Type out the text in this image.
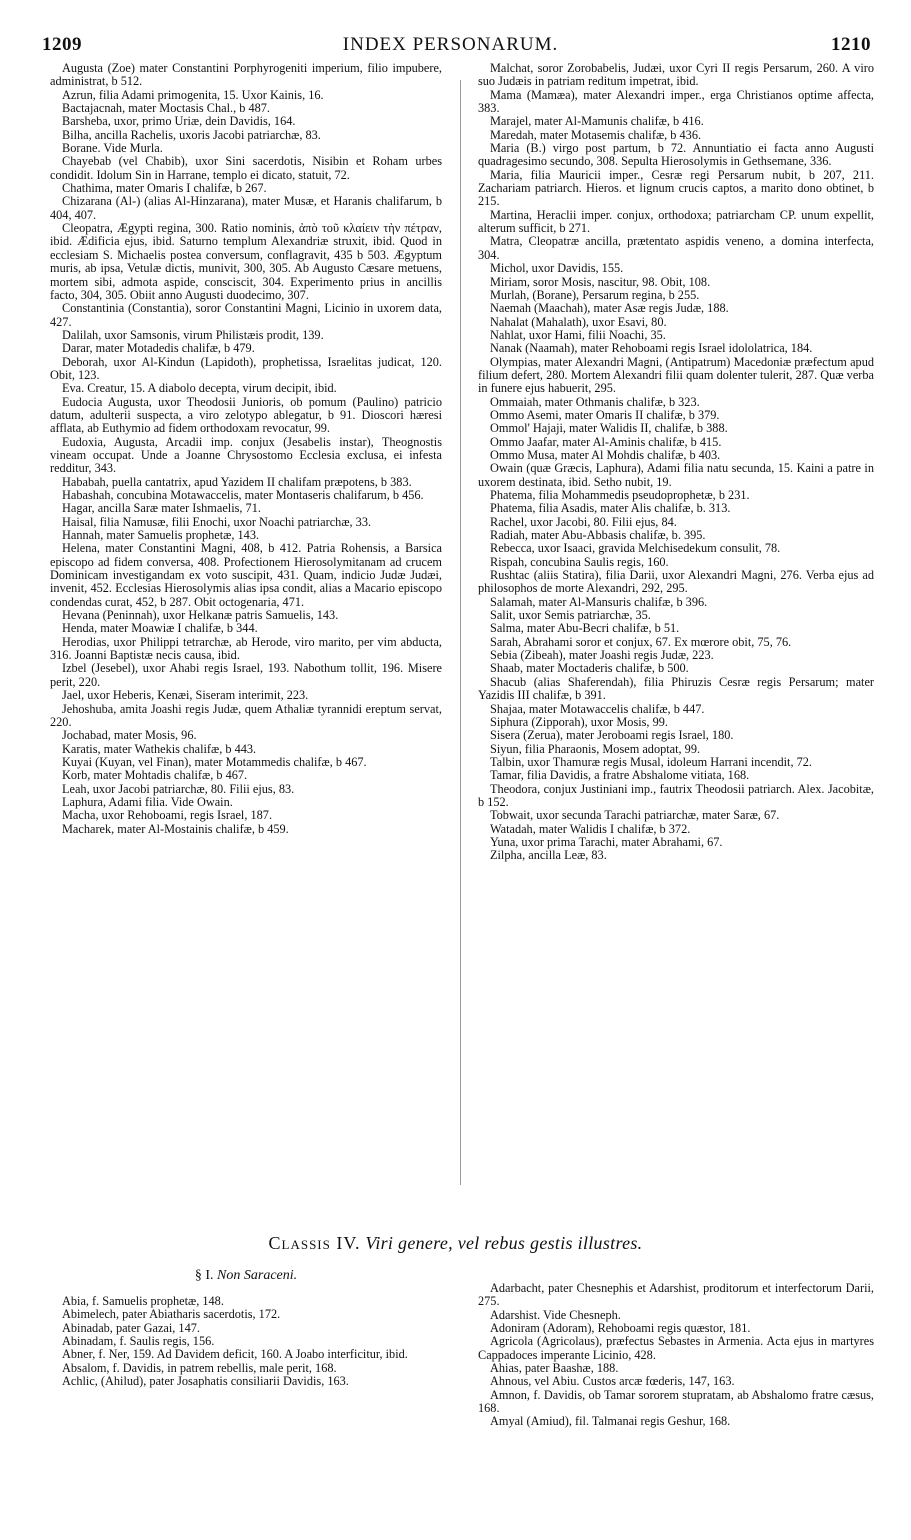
1209	INDEX PERSONARUM.	1210

Augusta (Zoe) mater Constantini Porphyrogeniti imperium, filio impubere, administrat, b 512.

Azrun, filia Adami primogenita, 15. Uxor Kainis, 16.

Bactajacnah, mater Moctasis Chal., b 487.

Barsheba, uxor, primo Uriæ, dein Davidis, 164.

Bilha, ancilla Rachelis, uxoris Jacobi patriarchæ, 83.

Borane. Vide Murla.

Chayebab (vel Chabib), uxor Sini sacerdotis, Nisibin et Roham urbes condidit. Idolum Sin in Harrane, templo ei dicato, statuit, 72.

Chathima, mater Omaris I chalifæ, b 267.

Chizarana (Al-) (alias Al-Hinzarana), mater Musæ, et Haranis chalifarum, b 404, 407.

Cleopatra, Ægypti regina, 300. Ratio nominis, ἀπὸ τοῦ κλαίειν τὴν πέτραν, ibid. Ædificia ejus, ibid. Saturno templum Alexandriæ struxit, ibid. Quod in ecclesiam S. Michaelis postea conversum, conflagravit, 435 b 503. Ægyptum muris, ab ipsa, Vetulæ dictis, munivit, 300, 305. Ab Augusto Cæsare metuens, mortem sibi, admota aspide, consciscit, 304. Experimento prius in ancillis facto, 304, 305. Obiit anno Augusti duodecimo, 307.

Constantinia (Constantia), soror Constantini Magni, Licinio in uxorem data, 427.

Dalilah, uxor Samsonis, virum Philistæis prodit, 139.

Darar, mater Motadedis chalifæ, b 479.

Deborah, uxor Al-Kindun (Lapidoth), prophetissa, Israelitas judicat, 120. Obit, 123.

Eva. Creatur, 15. A diabolo decepta, virum decipit, ibid.

Eudocia Augusta, uxor Theodosii Junioris, ob pomum (Paulino) patricio datum, adulterii suspecta, a viro zelotypo ablegatur, b 91. Dioscori hæresi afflata, ab Euthymio ad fidem orthodoxam revocatur, 99.

Eudoxia, Augusta, Arcadii imp. conjux (Jesabelis instar), Theognostis vineam occupat. Unde a Joanne Chrysostomo Ecclesia exclusa, ei infesta redditur, 343.

Hababah, puella cantatrix, apud Yazidem II chalifam præpotens, b 383.

Habashah, concubina Motawaccelis, mater Montaseris chalifarum, b 456.

Hagar, ancilla Saræ mater Ishmaelis, 71.

Haisal, filia Namusæ, filii Enochi, uxor Noachi patriarchæ, 33.

Hannah, mater Samuelis prophetæ, 143.

Helena, mater Constantini Magni, 408, b 412. Patria Rohensis, a Barsica episcopo ad fidem conversa, 408. Profectionem Hierosolymitanam ad crucem Dominicam investigandam ex voto suscipit, 431. Quam, indicio Judæ Judæi, invenit, 452. Ecclesias Hierosolymis alias ipsa condit, alias a Macario episcopo condendas curat, 452, b 287. Obit octogenaria, 471.

Hevana (Peninnah), uxor Helkanæ patris Samuelis, 143.

Henda, mater Moawiæ I chalifæ, b 344.

Herodias, uxor Philippi tetrarchæ, ab Herode, viro marito, per vim abducta, 316. Joanni Baptistæ necis causa, ibid.

Izbel (Jesebel), uxor Ahabi regis Israel, 193. Nabothum tollit, 196. Misere perit, 220.

Jael, uxor Heberis, Kenæi, Siseram interimit, 223.

Jehoshuba, amita Joashi regis Judæ, quem Athaliæ tyrannidi ereptum servat, 220.

Jochabad, mater Mosis, 96.

Karatis, mater Wathekis chalifæ, b 443.

Kuyai (Kuyan, vel Finan), mater Motammedis chalifæ, b 467.

Korb, mater Mohtadis chalifæ, b 467.

Leah, uxor Jacobi patriarchæ, 80. Filii ejus, 83.

Laphura, Adami filia. Vide Owain.

Macha, uxor Rehoboami, regis Israel, 187.

Macharek, mater Al-Mostainis chalifæ, b 459.

Malchat, soror Zorobabelis, Judæi, uxor Cyri II regis Persarum, 260. A viro suo Judæis in patriam reditum impetrat, ibid.

Mama (Mamæa), mater Alexandri imper., erga Christianos optime affecta, 383.

Marajel, mater Al-Mamunis chalifæ, b 416.

Maredah, mater Motasemis chalifæ, b 436.

Maria (B.) virgo post partum, b 72. Annuntiatio ei facta anno Augusti quadragesimo secundo, 308. Sepulta Hierosolymis in Gethsemane, 336.

Maria, filia Mauricii imper., Cesræ regi Persarum nubit, b 207, 211. Zachariam patriarch. Hieros. et lignum crucis captos, a marito dono obtinet, b 215.

Martina, Heraclii imper. conjux, orthodoxa; patriarcham CP. unum expellit, alterum sufficit, b 271.

Matra, Cleopatræ ancilla, prætentato aspidis veneno, a domina interfecta, 304.

Michol, uxor Davidis, 155.

Miriam, soror Mosis, nascitur, 98. Obit, 108.

Murlah, (Borane), Persarum regina, b 255.

Naemah (Maachah), mater Asæ regis Judæ, 188.

Nahalat (Mahalath), uxor Esavi, 80.

Nahlat, uxor Hami, filii Noachi, 35.

Nanak (Naamah), mater Rehoboami regis Israel idololatrica, 184.

Olympias, mater Alexandri Magni, (Antipatrum) Macedoniæ præfectum apud filium defert, 280. Mortem Alexandri filii quam dolenter tulerit, 287. Quæ verba in funere ejus habuerit, 295.

Ommaiah, mater Othmanis chalifæ, b 323.

Ommo Asemi, mater Omaris II chalifæ, b 379.

Ommol' Hajaji, mater Walidis II, chalifæ, b 388.

Ommo Jaafar, mater Al-Aminis chalifæ, b 415.

Ommo Musa, mater Al Mohdis chalifæ, b 403.

Owain (quæ Græcis, Laphura), Adami filia natu secunda, 15. Kaini a patre in uxorem destinata, ibid. Setho nubit, 19.

Phatema, filia Mohammedis pseudoprophetæ, b 231.

Phatema, filia Asadis, mater Alis chalifæ, b. 313.

Rachel, uxor Jacobi, 80. Filii ejus, 84.

Radiah, mater Abu-Abbasis chalifæ, b. 395.

Rebecca, uxor Isaaci, gravida Melchisedekum consulit, 78.

Rispah, concubina Saulis regis, 160.

Rushtac (aliis Statira), filia Darii, uxor Alexandri Magni, 276. Verba ejus ad philosophos de morte Alexandri, 292, 295.

Salamah, mater Al-Mansuris chalifæ, b 396.

Salit, uxor Semis patriarchæ, 35.

Salma, mater Abu-Becri chalifæ, b 51.

Sarah, Abrahami soror et conjux, 67. Ex mœrore obit, 75, 76.

Sebia (Zibeah), mater Joashi regis Judæ, 223.

Shaab, mater Moctaderis chalifæ, b 500.

Shacub (alias Shaferendah), filia Phiruzis Cesræ regis Persarum; mater Yazidis III chalifæ, b 391.

Shajaa, mater Motawaccelis chalifæ, b 447.

Siphura (Zipporah), uxor Mosis, 99.

Sisera (Zerua), mater Jeroboami regis Israel, 180.

Siyun, filia Pharaonis, Mosem adoptat, 99.

Talbin, uxor Thamuræ regis Musal, idoleum Harrani incendit, 72.

Tamar, filia Davidis, a fratre Abshalome vitiata, 168.

Theodora, conjux Justiniani imp., fautrix Theodosii patriarch. Alex. Jacobitæ, b 152.

Tobwait, uxor secunda Tarachi patriarchæ, mater Saræ, 67.

Watadah, mater Walidis I chalifæ, b 372.

Yuna, uxor prima Tarachi, mater Abrahami, 67.

Zilpha, ancilla Leæ, 83.

Classis IV. Viri genere, vel rebus gestis illustres.
§ I. Non Saraceni.

Abia, f. Samuelis prophetæ, 148.

Abimelech, pater Abiatharis sacerdotis, 172.

Abinadab, pater Gazai, 147.

Abinadam, f. Saulis regis, 156.

Abner, f. Ner, 159. Ad Davidem deficit, 160. A Joabo interficitur, ibid.

Absalom, f. Davidis, in patrem rebellis, male perit, 168.

Achlic, (Ahilud), pater Josaphatis consiliarii Davidis, 163.

Adarbacht, pater Chesnephis et Adarshist, proditorum et interfectorum Darii, 275.

Adarshist. Vide Chesneph.

Adoniram (Adoram), Rehoboami regis quæstor, 181.

Agricola (Agricolaus), præfectus Sebastes in Armenia. Acta ejus in martyres Cappadoces imperante Licinio, 428.

Ahias, pater Baashæ, 188.

Ahnous, vel Abiu. Custos arcæ fœderis, 147, 163.

Amnon, f. Davidis, ob Tamar sororem stupratam, ab Abshalomo fratre cæsus, 168.

Amyal (Amiud), fil. Talmanai regis Geshur, 168.
